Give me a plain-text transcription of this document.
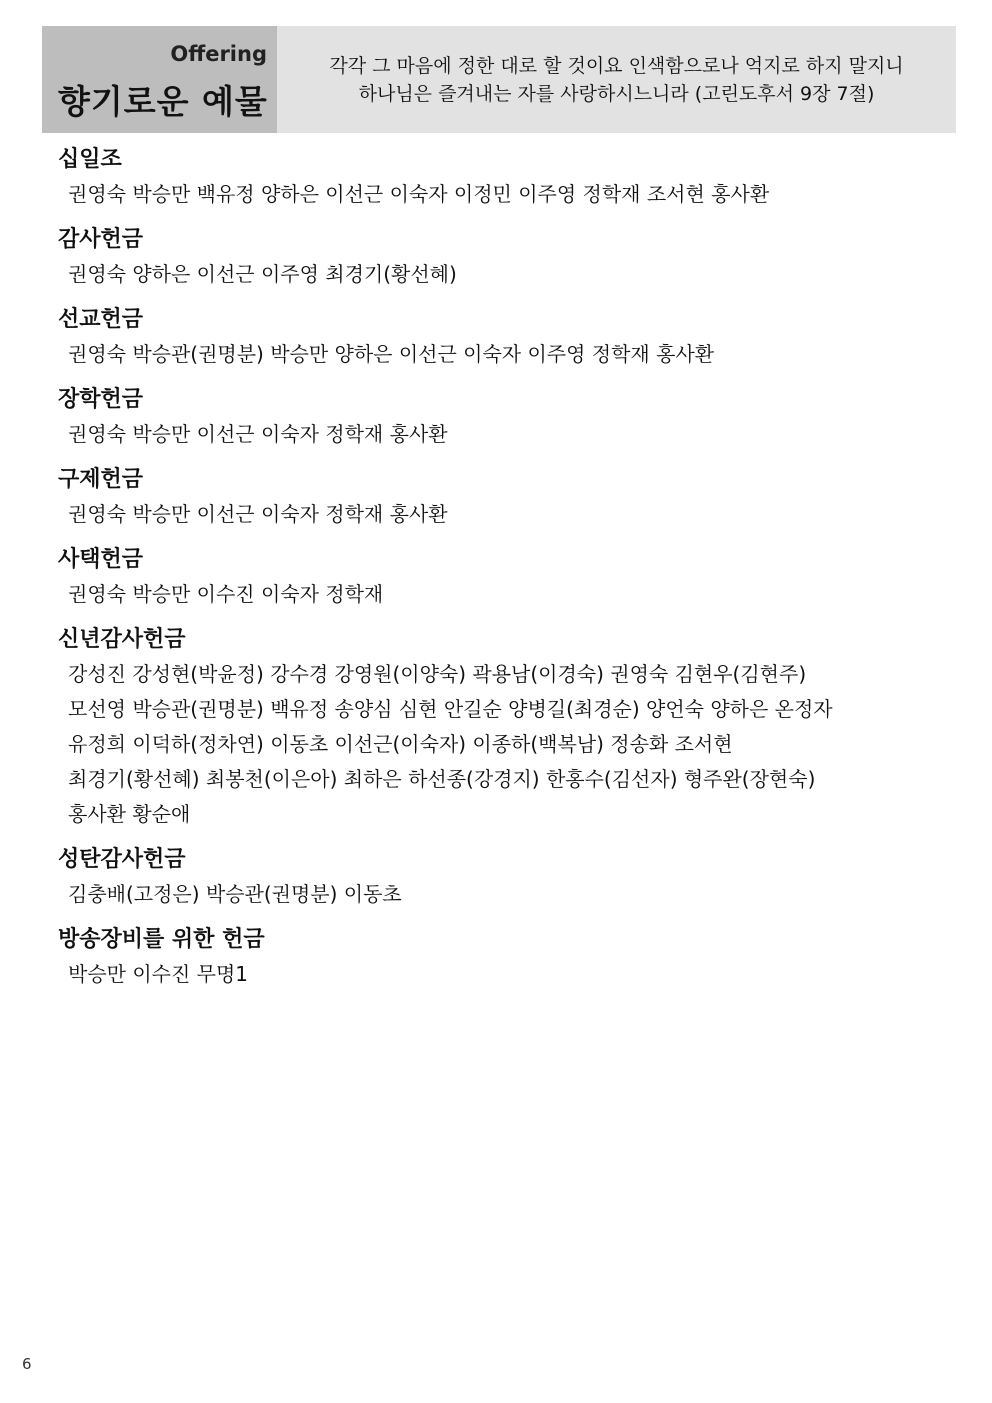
Offering
향기로운 예물
각각 그 마음에 정한 대로 할 것이요 인색함으로나 억지로 하지 말지니
하나님은 즐겨내는 자를 사랑하시느니라 (고린도후서 9장 7절)
십일조
권영숙 박승만 백유정 양하은 이선근 이숙자 이정민 이주영 정학재 조서현 홍사환
감사헌금
권영숙 양하은 이선근 이주영 최경기(황선혜)
선교헌금
권영숙 박승관(권명분) 박승만 양하은 이선근 이숙자 이주영 정학재 홍사환
장학헌금
권영숙 박승만 이선근 이숙자 정학재 홍사환
구제헌금
권영숙 박승만 이선근 이숙자 정학재 홍사환
사택헌금
권영숙 박승만 이수진 이숙자 정학재
신년감사헌금
강성진 강성현(박윤정) 강수경 강영원(이양숙) 곽용남(이경숙) 권영숙 김현우(김현주)
모선영 박승관(권명분) 백유정 송양심 심현 안길순 양병길(최경순) 양언숙 양하은 온정자
유정희 이덕하(정차연) 이동초 이선근(이숙자) 이종하(백복남) 정송화 조서현
최경기(황선혜) 최봉천(이은아) 최하은 하선종(강경지) 한홍수(김선자) 형주완(장현숙)
홍사환 황순애
성탄감사헌금
김충배(고정은) 박승관(권명분) 이동초
방송장비를 위한 헌금
박승만 이수진 무명1
6
